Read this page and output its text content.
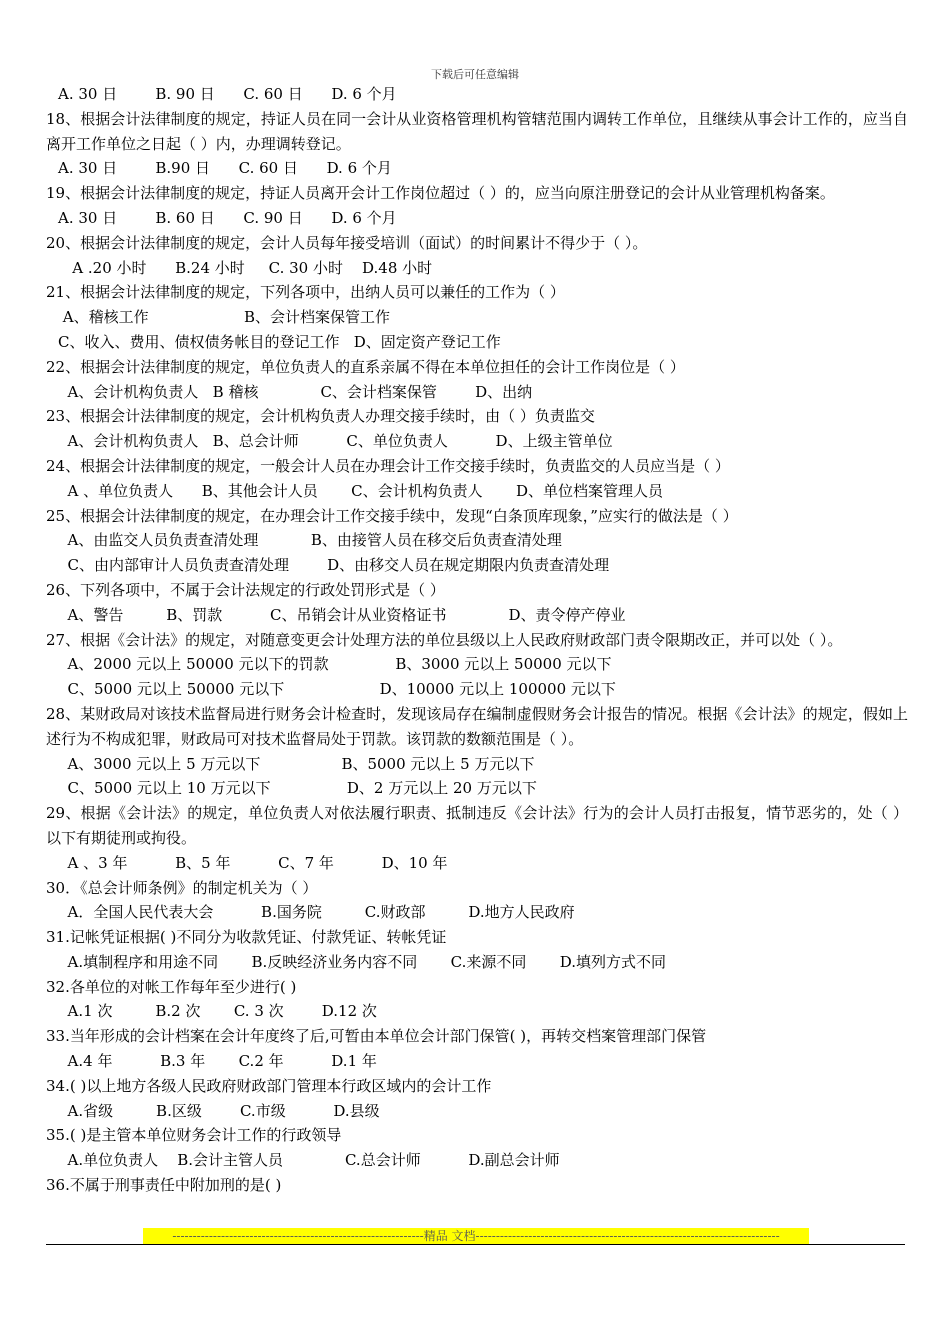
下载后可任意编辑
A. 30 日        B. 90 日      C. 60 日      D. 6 个月
18、根据会计法律制度的规定，持证人员在同一会计从业资格管理机构管辖范围内调转工作单位，且继续从事会计工作的，应当自离开工作单位之日起（ ）内，办理调转登记。
A. 30 日        B.90 日      C. 60 日      D. 6 个月
19、根据会计法律制度的规定，持证人员离开会计工作岗位超过（ ）的，应当向原注册登记的会计从业管理机构备案。
A. 30 日        B. 60 日      C. 90 日      D. 6 个月
20、根据会计法律制度的规定，会计人员每年接受培训（面试）的时间累计不得少于（ ）。
A .20 小时      B.24 小时     C. 30 小时    D.48 小时
21、根据会计法律制度的规定，下列各项中，出纳人员可以兼任的工作为（ ）
A、稽核工作                    B、会计档案保管工作
C、收入、费用、债权债务帐目的登记工作   D、固定资产登记工作
22、根据会计法律制度的规定，单位负责人的直系亲属不得在本单位担任的会计工作岗位是（ ）
A、会计机构负责人   B 稽核             C、会计档案保管        D、出纳
23、根据会计法律制度的规定，会计机构负责人办理交接手续时，由（ ）负责监交
A、会计机构负责人   B、总会计师          C、单位负责人          D、上级主管单位
24、根据会计法律制度的规定，一般会计人员在办理会计工作交接手续时，负责监交的人员应当是（ ）
A 、单位负责人      B、其他会计人员       C、会计机构负责人       D、单位档案管理人员
25、根据会计法律制度的规定，在办理会计工作交接手续中，发现“白条顶库现象，”应实行的做法是（ ）
A、由监交人员负责查清处理           B、由接管人员在移交后负责查清处理
C、由内部审计人员负责查清处理        D、由移交人员在规定期限内负责查清处理
26、下列各项中，不属于会计法规定的行政处罚形式是（ ）
A、警告         B、罚款          C、吊销会计从业资格证书             D、责令停产停业
27、根据《会计法》的规定，对随意变更会计处理方法的单位县级以上人民政府财政部门责令限期改正，并可以处（ ）。
A、2000 元以上 50000 元以下的罚款              B、3000 元以上 50000 元以下
C、5000 元以上 50000 元以下                    D、10000 元以上 100000 元以下
28、某财政局对该技术监督局进行财务会计检查时，发现该局存在编制虚假财务会计报告的情况。根据《会计法》的规定，假如上述行为不构成犯罪，财政局可对技术监督局处于罚款。该罚款的数额范围是（ ）。
A、3000 元以上 5 万元以下                 B、5000 元以上 5 万元以下
C、5000 元以上 10 万元以下                D、2 万元以上 20 万元以下
29、根据《会计法》的规定，单位负责人对依法履行职责、抵制违反《会计法》行为的会计人员打击报复，情节恶劣的，处（ ）以下有期徒刑或拘役。
A 、3 年          B、5 年          C、7 年          D、10 年
30．《总会计师条例》的制定机关为（ ）
A．全国人民代表大会          B.国务院         C.财政部         D.地方人民政府
31.记帐凭证根据( )不同分为收款凭证、付款凭证、转帐凭证
A.填制程序和用途不同       B.反映经济业务内容不同       C.来源不同       D.填列方式不同
32.各单位的对帐工作每年至少进行( )
A.1 次         B.2 次       C. 3 次        D.12 次
33.当年形成的会计档案在会计年度终了后,可暂由本单位会计部门保管( )，再转交档案管理部门保管
A.4 年          B.3 年       C.2 年          D.1 年
34.( )以上地方各级人民政府财政部门管理本行政区域内的会计工作
A.省级         B.区级        C.市级          D.县级
35.( )是主管本单位财务会计工作的行政领导
A.单位负责人    B.会计主管人员             C.总会计师          D.副总会计师
36.不属于刑事责任中附加刑的是( )
--------------------------------------------------------------精品 文档---------------------------------------------------------------------------
